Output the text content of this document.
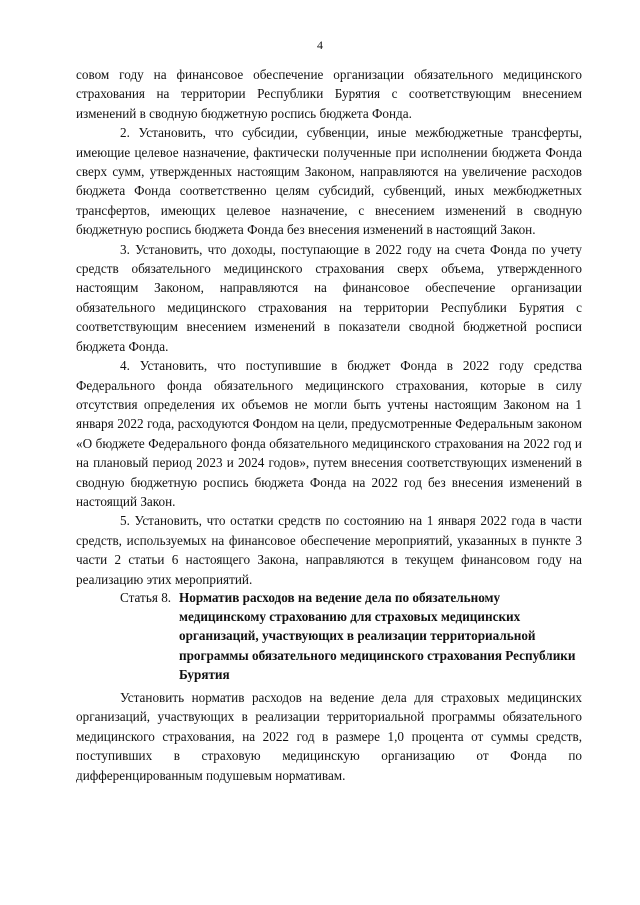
4

совом году на финансовое обеспечение организации обязательного медицинского страхования на территории Республики Бурятия с соответствующим внесением изменений в сводную бюджетную роспись бюджета Фонда.

2. Установить, что субсидии, субвенции, иные межбюджетные трансферты, имеющие целевое назначение, фактически полученные при исполнении бюджета Фонда сверх сумм, утвержденных настоящим Законом, направляются на увеличение расходов бюджета Фонда соответственно целям субсидий, субвенций, иных межбюджетных трансфертов, имеющих целевое назначение, с внесением изменений в сводную бюджетную роспись бюджета Фонда без внесения изменений в настоящий Закон.

3. Установить, что доходы, поступающие в 2022 году на счета Фонда по учету средств обязательного медицинского страхования сверх объема, утвержденного настоящим Законом, направляются на финансовое обеспечение организации обязательного медицинского страхования на территории Республики Бурятия с соответствующим внесением изменений в показатели сводной бюджетной росписи бюджета Фонда.

4. Установить, что поступившие в бюджет Фонда в 2022 году средства Федерального фонда обязательного медицинского страхования, которые в силу отсутствия определения их объемов не могли быть учтены настоящим Законом на 1 января 2022 года, расходуются Фондом на цели, предусмотренные Федеральным законом «О бюджете Федерального фонда обязательного медицинского страхования на 2022 год и на плановый период 2023 и 2024 годов», путем внесения соответствующих изменений в сводную бюджетную роспись бюджета Фонда на 2022 год без внесения изменений в настоящий Закон.

5. Установить, что остатки средств по состоянию на 1 января 2022 года в части средств, используемых на финансовое обеспечение мероприятий, указанных в пункте 3 части 2 статьи 6 настоящего Закона, направляются в текущем финансовом году на реализацию этих мероприятий.

Статья 8. Норматив расходов на ведение дела по обязательному медицинскому страхованию для страховых медицинских организаций, участвующих в реализации территориальной программы обязательного медицинского страхования Республики Бурятия

Установить норматив расходов на ведение дела для страховых медицинских организаций, участвующих в реализации территориальной программы обязательного медицинского страхования, на 2022 год в размере 1,0 процента от суммы средств, поступивших в страховую медицинскую организацию от Фонда по дифференцированным подушевым нормативам.
